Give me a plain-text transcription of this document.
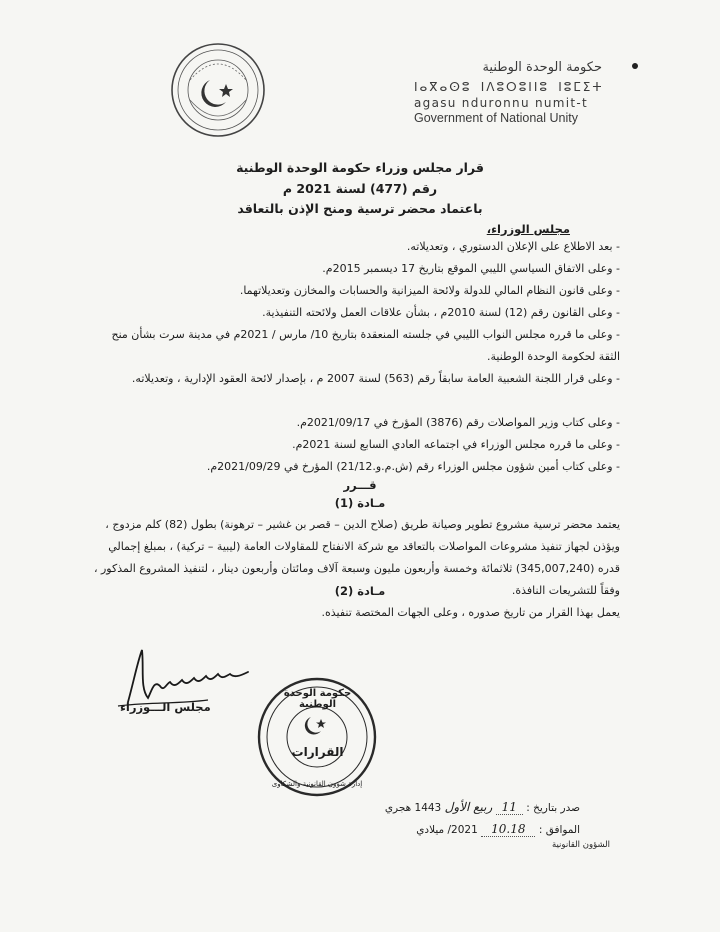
حكومة الوحدة الوطنية
ⵏⴰⴳⴰⵙⵓ ⵏⴷⵓⵔⵓⵏⵏⵓ ⵏⵓⵎⵉⵜ
agasu nduronnu numit-t
Government of National Unity
قرار مجلس وزراء حكومة الوحدة الوطنية
رقم (477) لسنة 2021 م
باعتماد محضر ترسية ومنح الإذن بالتعاقد
مجلس الوزراء،
- بعد الاطلاع على الإعلان الدستوري ، وتعديلاته.
- وعلى الاتفاق السياسي الليبي الموقع بتاريخ 17 ديسمبر 2015م.
- وعلى قانون النظام المالي للدولة ولائحة الميزانية والحسابات والمخازن وتعديلاتهما.
- وعلى القانون رقم (12) لسنة 2010م ، بشأن علاقات العمل ولائحته التنفيذية.
- وعلى ما قرره مجلس النواب الليبي في جلسته المنعقدة بتاريخ 10/ مارس / 2021م في مدينة سرت بشأن منح الثقة لحكومة الوحدة الوطنية.
- وعلى قرار اللجنة الشعبية العامة سابقاً رقم (563) لسنة 2007 م ، بإصدار لائحة العقود الإدارية ، وتعديلاته.
- وعلى كتاب وزير المواصلات رقم (3876) المؤرخ في 2021/09/17م.
- وعلى ما قرره مجلس الوزراء في اجتماعه العادي السابع لسنة 2021م.
- وعلى كتاب أمين شؤون مجلس الوزراء رقم (ش.م.و.21/12) المؤرخ في 2021/09/29م.
قـــرر
مـادة (1)
يعتمد محضر ترسية مشروع تطوير وصيانة طريق (صلاح الدين – قصر بن غشير – ترهونة) بطول (82) كلم مزدوج ، ويؤذن لجهاز تنفيذ مشروعات المواصلات بالتعاقد مع شركة الانفتاح للمقاولات العامة (ليبية – تركية) ، بمبلغ إجمالي قدره (345,007,240) ثلاثمائة وخمسة وأربعون مليون وسبعة آلاف ومائتان وأربعون دينار ، لتنفيذ المشروع المذكور ، وفقاً للتشريعات النافذة.
مـادة (2)
يعمل بهذا القرار من تاريخ صدوره ، وعلى الجهات المختصة تنفيذه.
مجلس الـــوزراء
حكومة الوحدة الوطنية
القرارات
إدارة شؤون القانونية والشكاوى
صدر بتاريخ : 11 ربيع الأول 1443 هجري
الموافق : 10.18 2021/ ميلادي
الشؤون القانونية
